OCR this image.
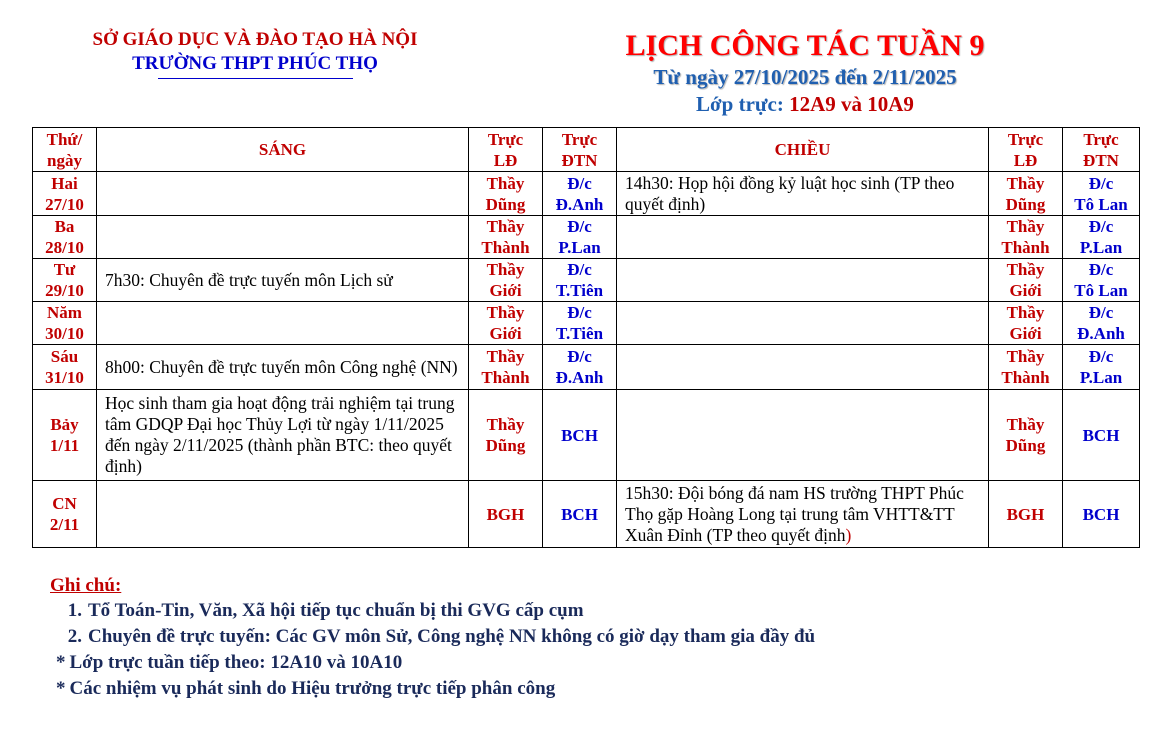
SỞ GIÁO DỤC VÀ ĐÀO TẠO HÀ NỘI
TRƯỜNG THPT PHÚC THỌ
LỊCH CÔNG TÁC TUẦN 9
Từ ngày 27/10/2025 đến 2/11/2025
Lớp trực: 12A9 và 10A9
Thứ/
ngày	SÁNG	Trực
LĐ	Trực
ĐTN	CHIỀU	Trực
LĐ	Trực
ĐTN

Hai
27/10		Thầy
Dũng	Đ/c
Đ.Anh	14h30: Họp hội đồng kỷ luật học sinh (TP theo quyết định)	Thầy
Dũng	Đ/c
Tô Lan

Ba
28/10		Thầy
Thành	Đ/c
P.Lan		Thầy
Thành	Đ/c
P.Lan

Tư
29/10	7h30: Chuyên đề trực tuyến môn Lịch sử	Thầy
Giới	Đ/c
T.Tiên		Thầy
Giới	Đ/c
Tô Lan

Năm
30/10		Thầy
Giới	Đ/c
T.Tiên		Thầy
Giới	Đ/c
Đ.Anh

Sáu
31/10	8h00: Chuyên đề trực tuyến môn Công nghệ (NN)	Thầy
Thành	Đ/c
Đ.Anh		Thầy
Thành	Đ/c
P.Lan

Bảy
1/11	Học sinh tham gia hoạt động trải nghiệm tại trung tâm GDQP Đại học Thủy Lợi từ ngày 1/11/2025 đến ngày 2/11/2025 (thành phần BTC: theo quyết định)	Thầy
Dũng	BCH		Thầy
Dũng	BCH

CN
2/11		BGH	BCH	15h30: Đội bóng đá nam HS trường THPT Phúc Thọ gặp Hoàng Long tại trung tâm VHTT&TT Xuân Đỉnh (TP theo quyết định)	BGH	BCH
Ghi chú:
1. Tổ Toán-Tin, Văn, Xã hội tiếp tục chuẩn bị thi GVG cấp cụm
2. Chuyên đề trực tuyến: Các GV môn Sử, Công nghệ NN không có giờ dạy tham gia đầy đủ
* Lớp trực tuần tiếp theo: 12A10 và 10A10
* Các nhiệm vụ phát sinh do Hiệu trưởng trực tiếp phân công
